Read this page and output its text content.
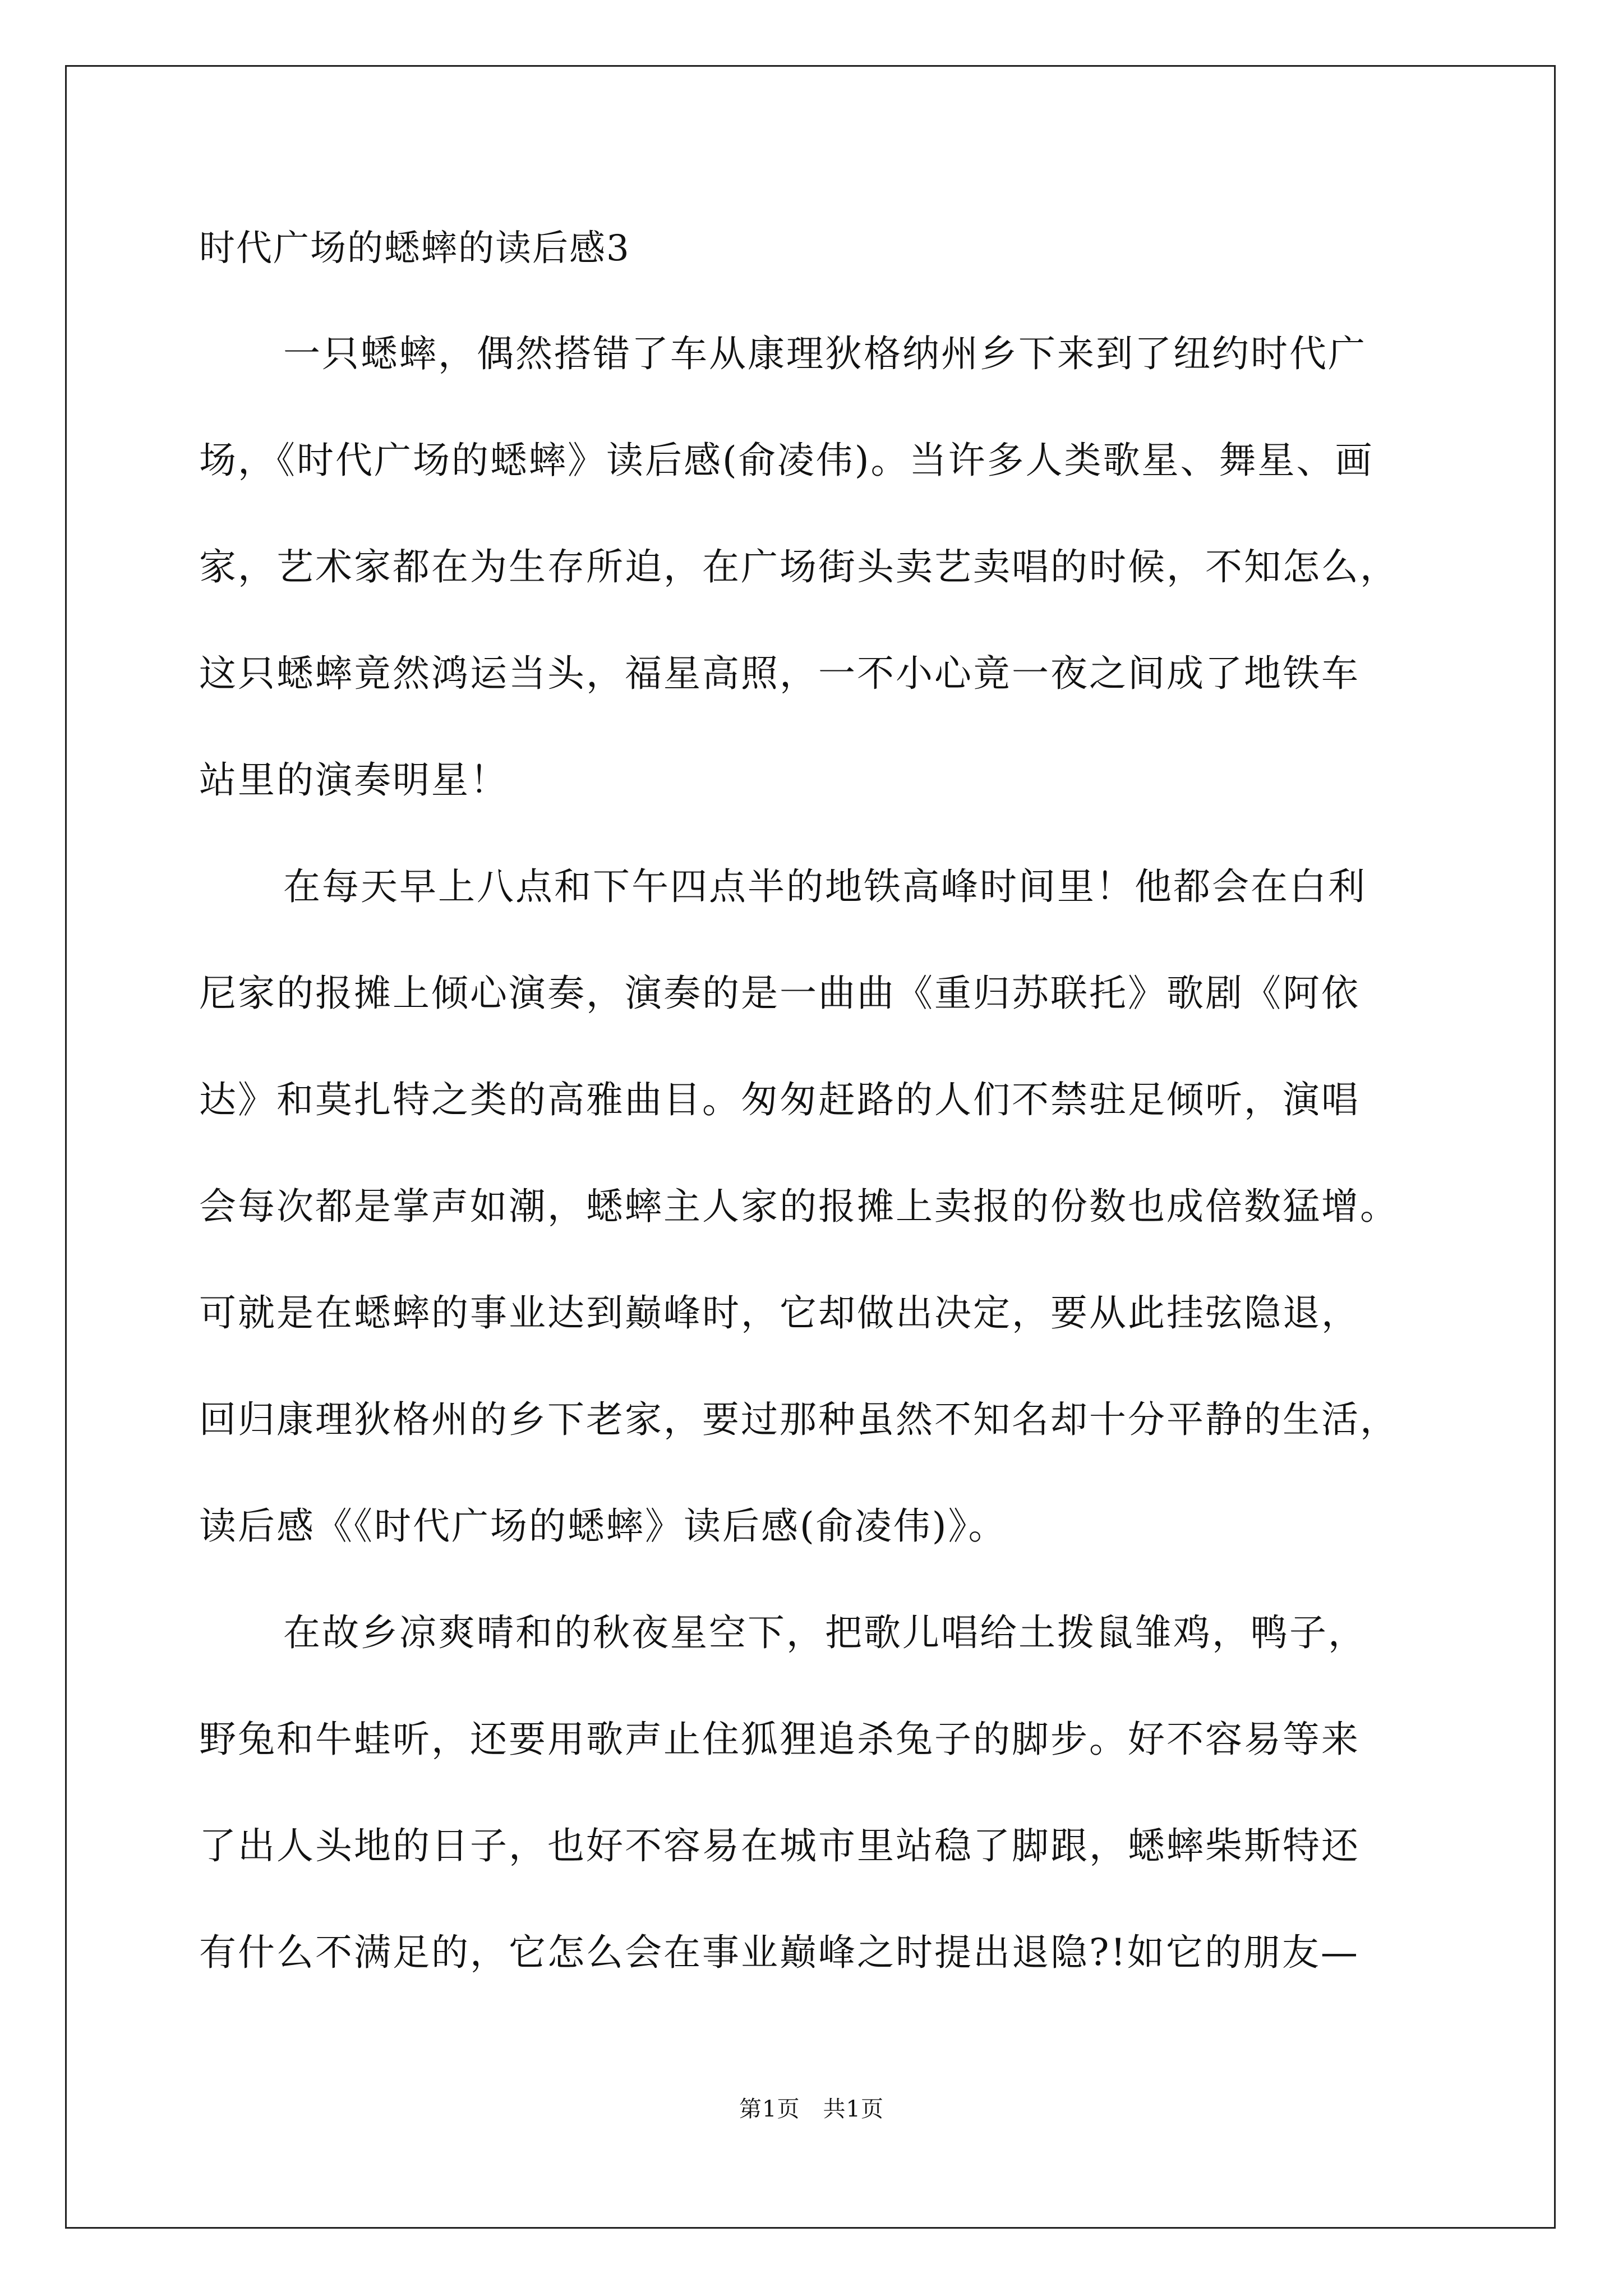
时代广场的蟋蟀的读后感3
一只蟋蟀，偶然搭错了车从康理狄格纳州乡下来到了纽约时代广
场，《时代广场的蟋蟀》读后感(俞凌伟)。当许多人类歌星、舞星、画
家，艺术家都在为生存所迫，在广场街头卖艺卖唱的时候，不知怎么，
这只蟋蟀竟然鸿运当头，福星高照，一不小心竟一夜之间成了地铁车
站里的演奏明星！
在每天早上八点和下午四点半的地铁高峰时间里！他都会在白利
尼家的报摊上倾心演奏，演奏的是一曲曲《重归苏联托》歌剧《阿依
达》和莫扎特之类的高雅曲目。匆匆赶路的人们不禁驻足倾听，演唱
会每次都是掌声如潮，蟋蟀主人家的报摊上卖报的份数也成倍数猛增。
可就是在蟋蟀的事业达到巅峰时，它却做出决定，要从此挂弦隐退，
回归康理狄格州的乡下老家，要过那种虽然不知名却十分平静的生活，
读后感《《时代广场的蟋蟀》读后感(俞凌伟)》。
在故乡凉爽晴和的秋夜星空下，把歌儿唱给土拨鼠雏鸡，鸭子，
野兔和牛蛙听，还要用歌声止住狐狸追杀兔子的脚步。好不容易等来
了出人头地的日子，也好不容易在城市里站稳了脚跟，蟋蟀柴斯特还
有什么不满足的，它怎么会在事业巅峰之时提出退隐?!如它的朋友—
第1页　共1页
